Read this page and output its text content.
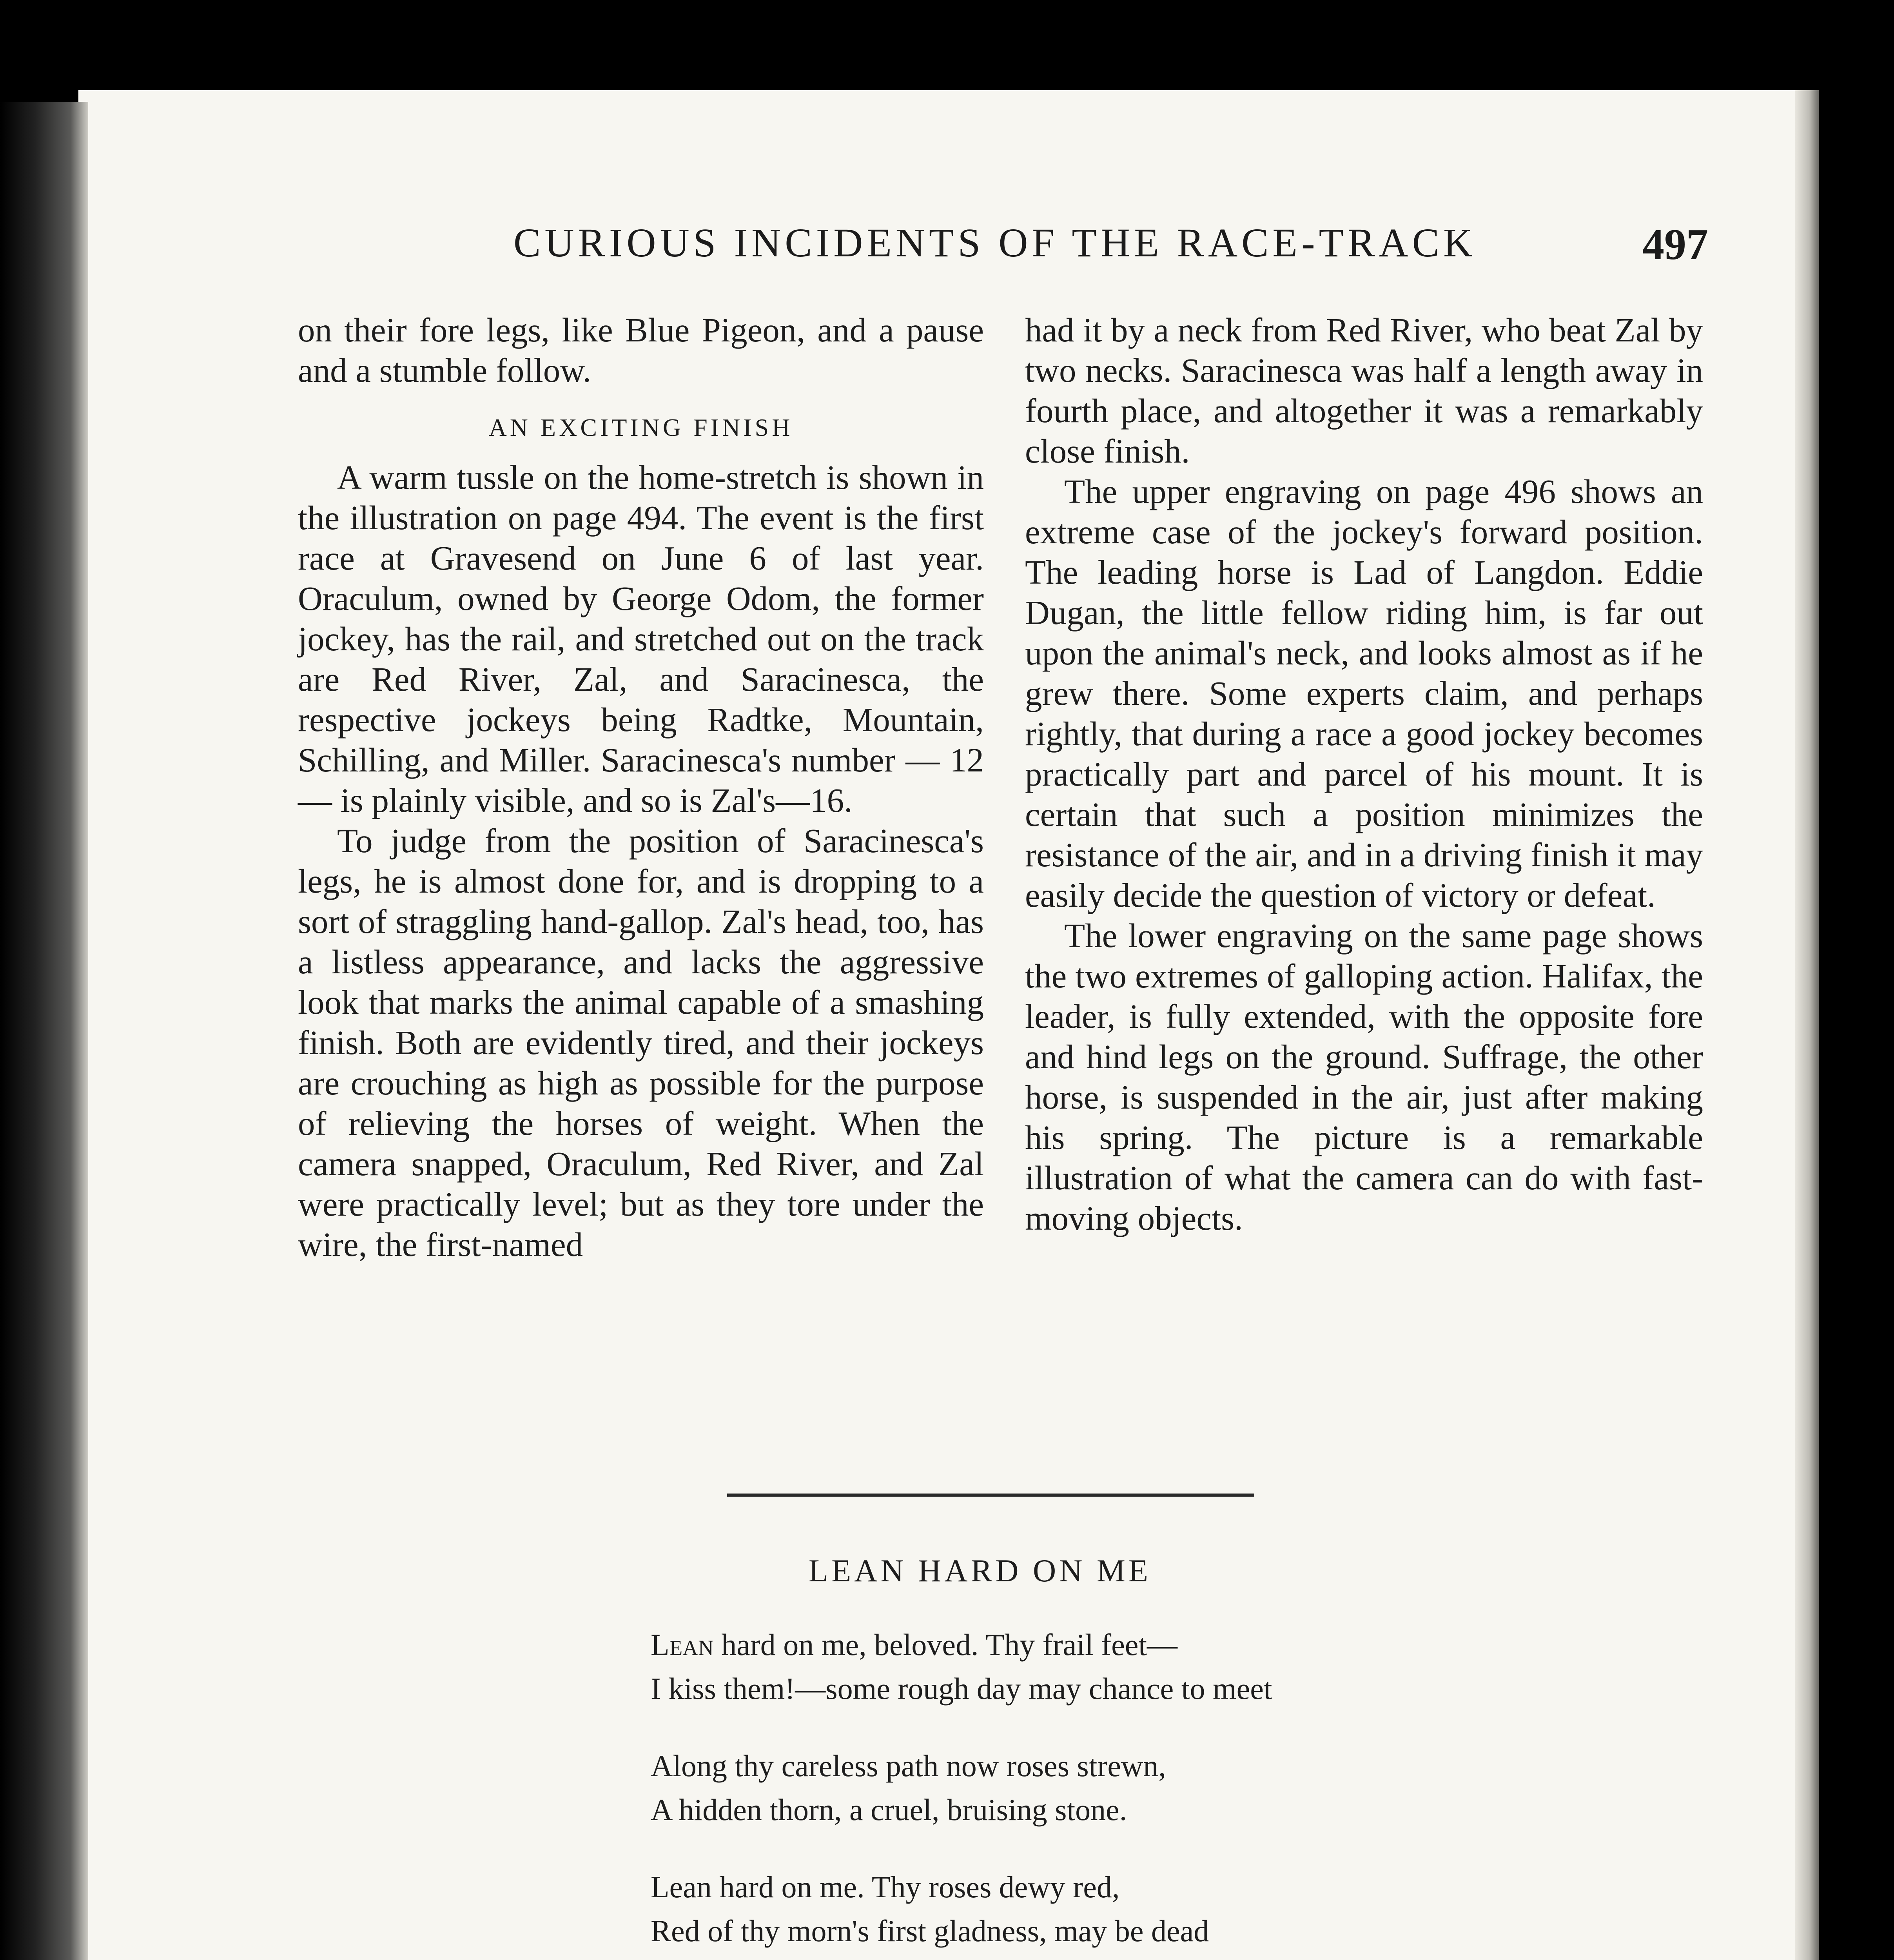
CURIOUS INCIDENTS OF THE RACE-TRACK	497

on their fore legs, like Blue Pigeon, and a pause and a stumble follow.

AN EXCITING FINISH

A warm tussle on the home-stretch is shown in the illustration on page 494. The event is the first race at Gravesend on June 6 of last year. Oraculum, owned by George Odom, the former jockey, has the rail, and stretched out on the track are Red River, Zal, and Saracinesca, the respective jockeys being Radtke, Mountain, Schilling, and Miller. Saracinesca's number — 12 — is plainly visible, and so is Zal's—16.

To judge from the position of Saracinesca's legs, he is almost done for, and is dropping to a sort of straggling hand-gallop. Zal's head, too, has a listless appearance, and lacks the aggressive look that marks the animal capable of a smashing finish. Both are evidently tired, and their jockeys are crouching as high as possible for the purpose of relieving the horses of weight. When the camera snapped, Oraculum, Red River, and Zal were practically level; but as they tore under the wire, the first-named

had it by a neck from Red River, who beat Zal by two necks. Saracinesca was half a length away in fourth place, and altogether it was a remarkably close finish.

The upper engraving on page 496 shows an extreme case of the jockey's forward position. The leading horse is Lad of Langdon. Eddie Dugan, the little fellow riding him, is far out upon the animal's neck, and looks almost as if he grew there. Some experts claim, and perhaps rightly, that during a race a good jockey becomes practically part and parcel of his mount. It is certain that such a position minimizes the resistance of the air, and in a driving finish it may easily decide the question of victory or defeat.

The lower engraving on the same page shows the two extremes of galloping action. Halifax, the leader, is fully extended, with the opposite fore and hind legs on the ground. Suffrage, the other horse, is suspended in the air, just after making his spring. The picture is a remarkable illustration of what the camera can do with fast-moving objects.

LEAN HARD ON ME
Lean hard on me, beloved. Thy frail feet—
I kiss them!—some rough day may chance to meet
Along thy careless path now roses strewn,
A hidden thorn, a cruel, bruising stone.
Lean hard on me. Thy roses dewy red,
Red of thy morn's first gladness, may be dead
